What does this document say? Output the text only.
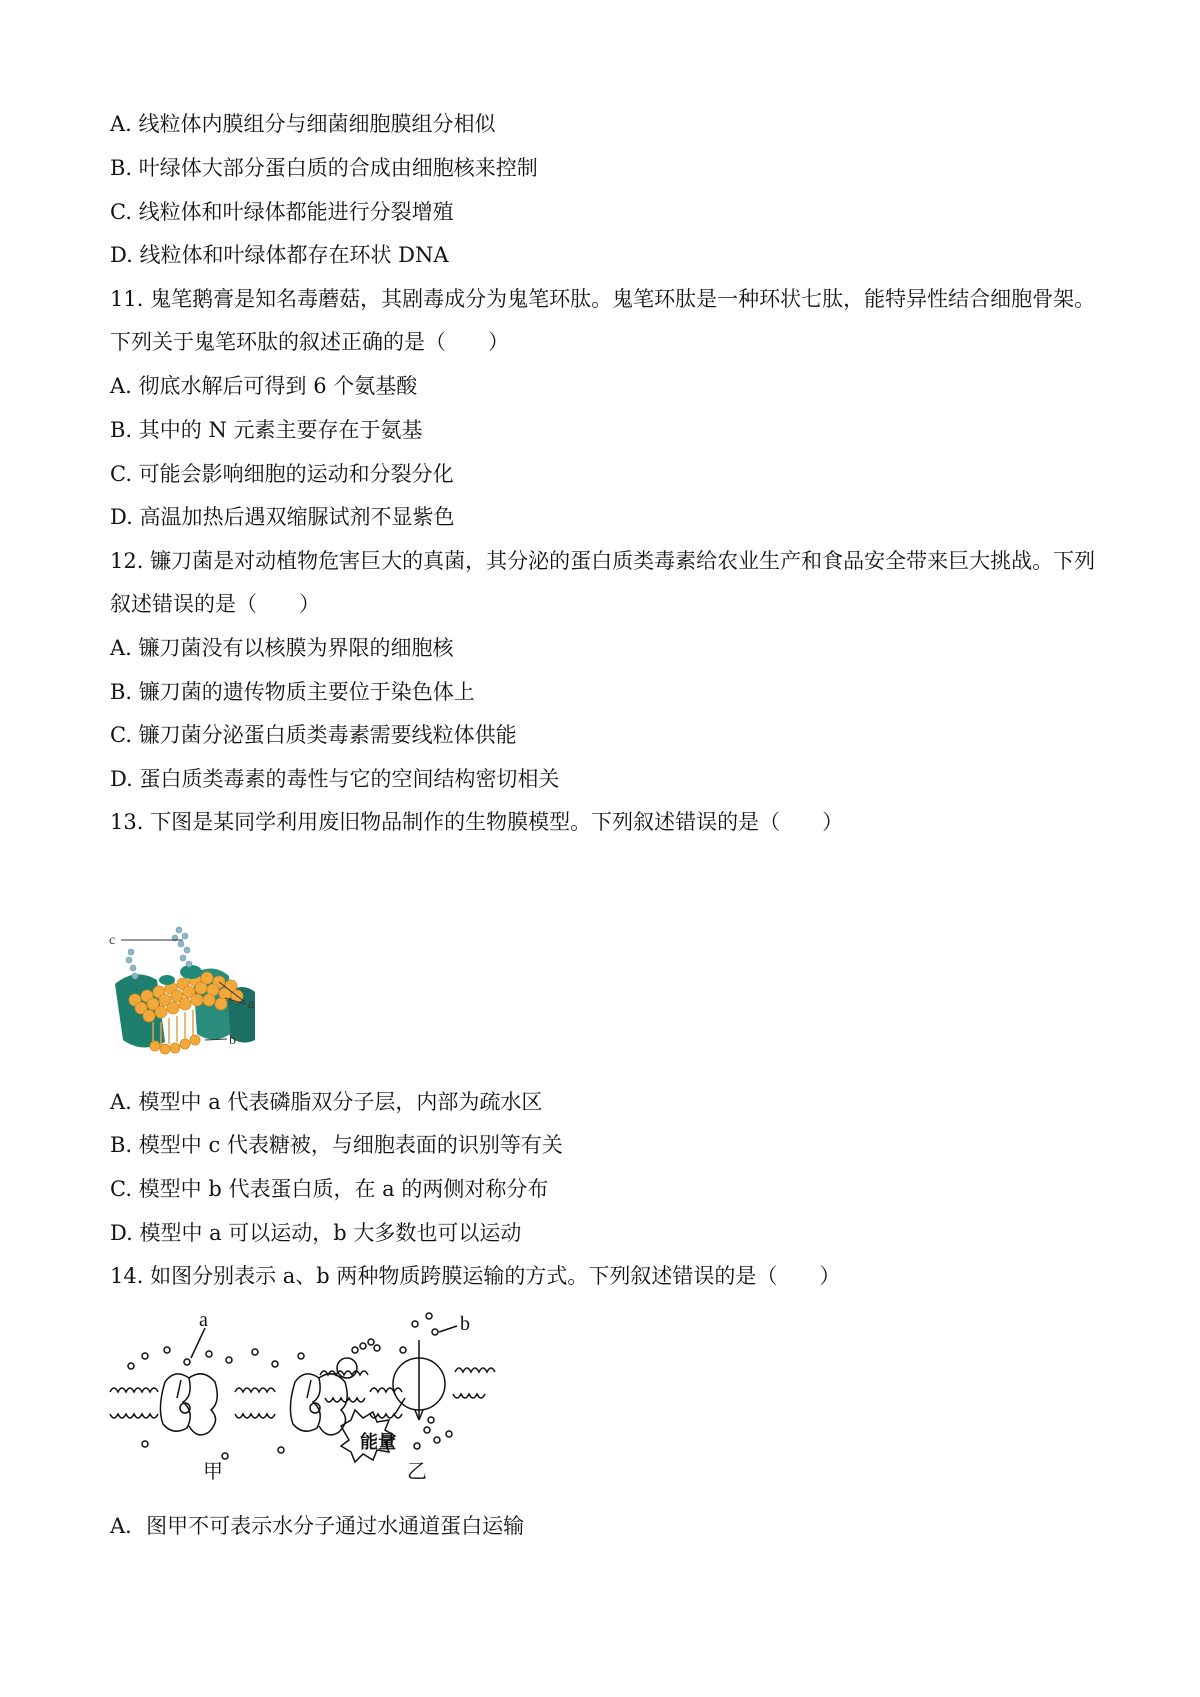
A. 线粒体内膜组分与细菌细胞膜组分相似
B. 叶绿体大部分蛋白质的合成由细胞核来控制
C. 线粒体和叶绿体都能进行分裂增殖
D. 线粒体和叶绿体都存在环状 DNA
11. 鬼笔鹅膏是知名毒蘑菇，其剧毒成分为鬼笔环肽。鬼笔环肽是一种环状七肽，能特异性结合细胞骨架。
下列关于鬼笔环肽的叙述正确的是（　　）
A. 彻底水解后可得到 6 个氨基酸
B. 其中的 N 元素主要存在于氨基
C. 可能会影响细胞的运动和分裂分化
D. 高温加热后遇双缩脲试剂不显紫色
12. 镰刀菌是对动植物危害巨大的真菌，其分泌的蛋白质类毒素给农业生产和食品安全带来巨大挑战。下列
叙述错误的是（　　）
A. 镰刀菌没有以核膜为界限的细胞核
B. 镰刀菌的遗传物质主要位于染色体上
C. 镰刀菌分泌蛋白质类毒素需要线粒体供能
D. 蛋白质类毒素的毒性与它的空间结构密切相关
13. 下图是某同学利用废旧物品制作的生物膜模型。下列叙述错误的是（　　）
c
a
b
A. 模型中 a 代表磷脂双分子层，内部为疏水区
B. 模型中 c 代表糖被，与细胞表面的识别等有关
C. 模型中 b 代表蛋白质，在 a 的两侧对称分布
D. 模型中 a 可以运动，b 大多数也可以运动
14. 如图分别表示 a、b 两种物质跨膜运输的方式。下列叙述错误的是（　　）
a	b
能量
甲	乙
A．图甲不可表示水分子通过水通道蛋白运输
